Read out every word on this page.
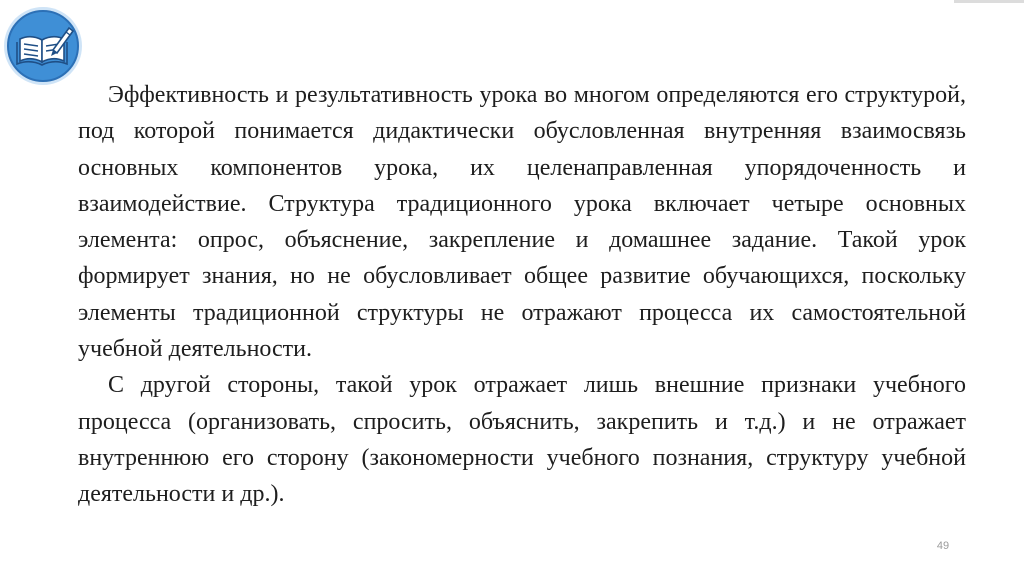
Эффективность и результативность урока во многом определяются его структурой, под которой понимается дидактически обусловленная внутренняя взаимосвязь основных компонентов урока, их целенаправленная упорядоченность и взаимодействие. Структура традиционного урока включает четыре основных элемента: опрос, объяснение, закрепление и домашнее задание. Такой урок формирует знания, но не обусловливает общее развитие обучающихся, поскольку элементы традиционной структуры не отражают процесса их самостоятельной учебной деятельности.

С другой стороны, такой урок отражает лишь внешние признаки учебного процесса (организовать, спросить, объяснить, закрепить и т.д.) и не отражает внутреннюю его сторону (закономерности учебного познания, структуру учебной деятельности и др.).

49
